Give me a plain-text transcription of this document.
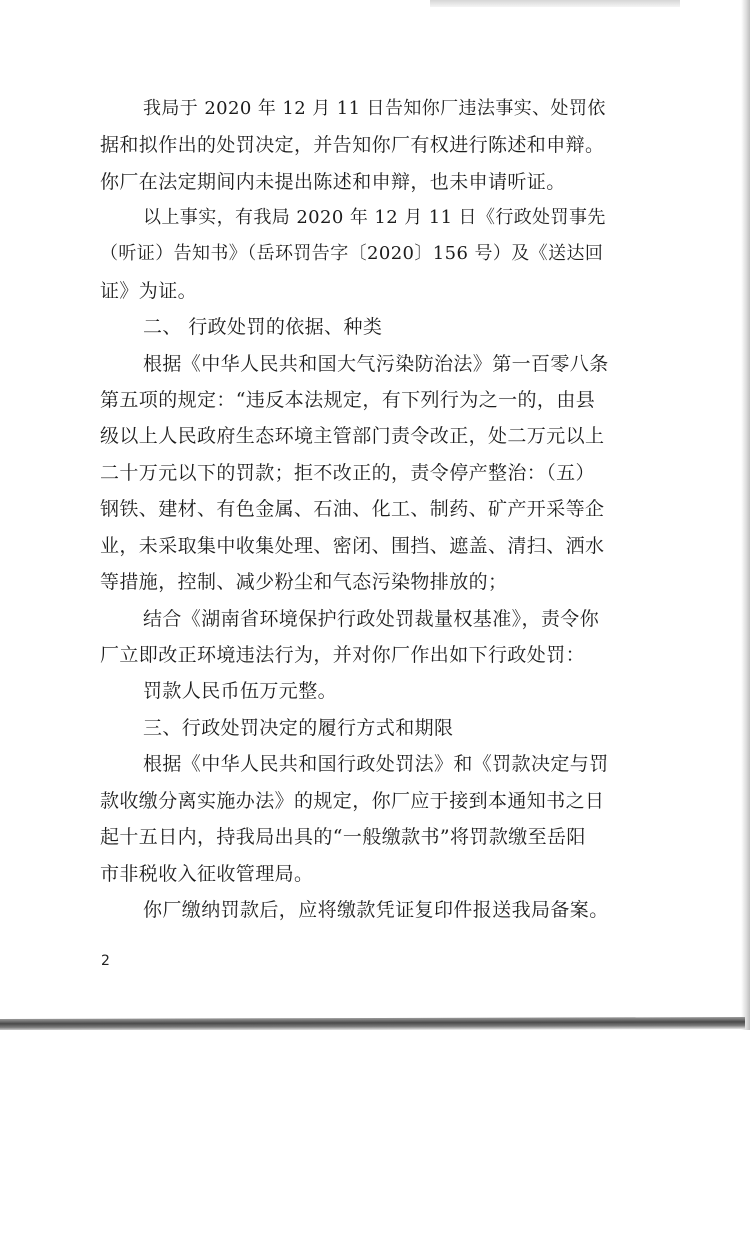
我局于 2020 年 12 月 11 日告知你厂违法事实、处罚依

据和拟作出的处罚决定，并告知你厂有权进行陈述和申辩。

你厂在法定期间内未提出陈述和申辩，也未申请听证。

以上事实，有我局 2020 年 12 月 11 日《行政处罚事先

（听证）告知书》（岳环罚告字〔2020〕156 号）及《送达回

证》为证。

二、 行政处罚的依据、种类

根据《中华人民共和国大气污染防治法》第一百零八条

第五项的规定：“违反本法规定，有下列行为之一的，由县

级以上人民政府生态环境主管部门责令改正，处二万元以上

二十万元以下的罚款；拒不改正的，责令停产整治：（五）

钢铁、建材、有色金属、石油、化工、制药、矿产开采等企

业，未采取集中收集处理、密闭、围挡、遮盖、清扫、洒水

等措施，控制、减少粉尘和气态污染物排放的；

结合《湖南省环境保护行政处罚裁量权基准》，责令你

厂立即改正环境违法行为，并对你厂作出如下行政处罚：

罚款人民币伍万元整。

三、行政处罚决定的履行方式和期限

根据《中华人民共和国行政处罚法》和《罚款决定与罚

款收缴分离实施办法》的规定，你厂应于接到本通知书之日

起十五日内，持我局出具的“一般缴款书”将罚款缴至岳阳

市非税收入征收管理局。

你厂缴纳罚款后，应将缴款凭证复印件报送我局备案。

2
